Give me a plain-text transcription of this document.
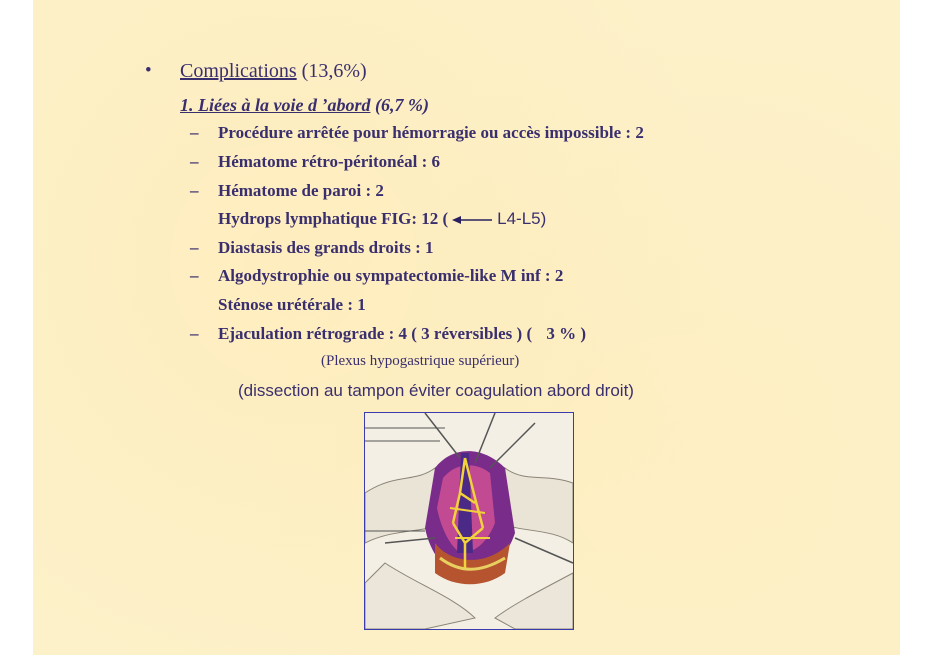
• Complications (13,6%)
1. Liées à la voie d ’abord (6,7 %)
– Procédure arrêtée pour hémorragie ou accès impossible : 2
– Hématome rétro-péritonéal : 6
– Hématome de paroi : 2
Hydrops lymphatique FIG: 12 (	L4-L5)
– Diastasis des grands droits : 1
– Algodystrophie ou sympatectomie-like M inf : 2
Sténose urétérale : 1
– Ejaculation rétrograde : 4 ( 3 réversibles ) ( 3 % )
(Plexus hypogastrique supérieur)
(dissection au tampon éviter coagulation abord droit)
